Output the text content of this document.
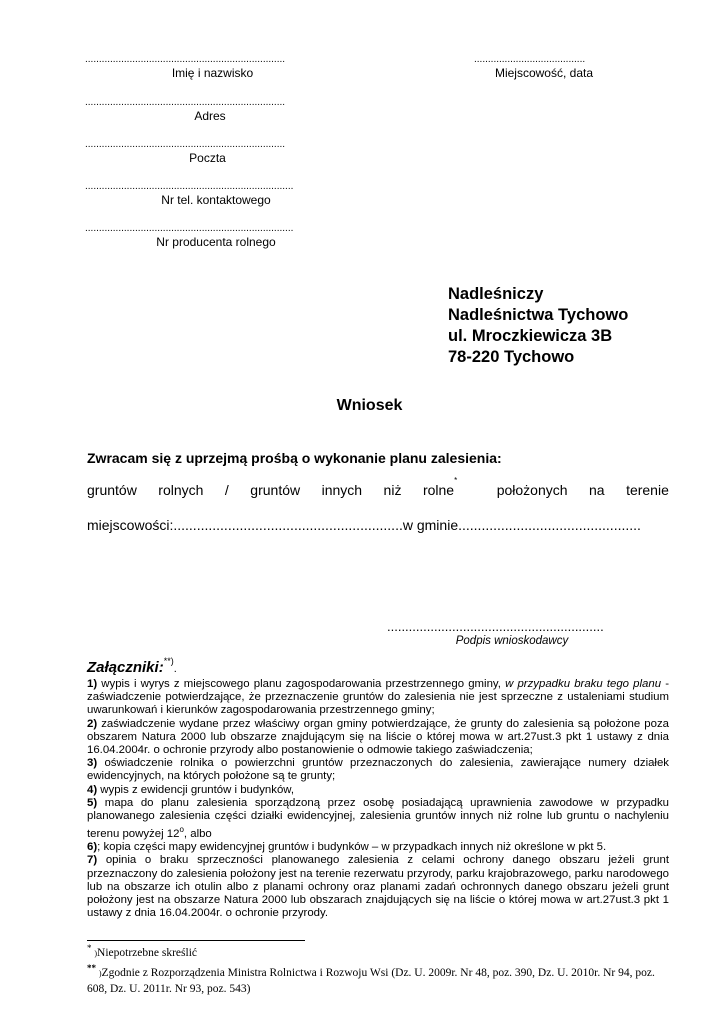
........................................................................
Imię i nazwisko
........................................................................
Adres
........................................................................
Poczta
...........................................................................
Nr tel. kontaktowego
...........................................................................
Nr producenta rolnego
........................................
Miejscowość, data
Nadleśniczy
Nadleśnictwa Tychowo
ul. Mroczkiewicza 3B
78-220 Tychowo
Wniosek
Zwracam się z uprzejmą prośbą o wykonanie planu zalesienia:
gruntów rolnych / gruntów innych niż rolne*
położonych na terenie
miejscowości:...........................................................w gminie...............................................
............................................................
Podpis wnioskodawcy
Załączniki:**).
1) wypis i wyrys z miejscowego planu zagospodarowania przestrzennego gminy, w przypadku braku tego planu - zaświadczenie potwierdzające, że przeznaczenie gruntów do zalesienia nie jest sprzeczne z ustaleniami studium uwarunkowań i kierunków zagospodarowania przestrzennego gminy;
2) zaświadczenie wydane przez właściwy organ gminy potwierdzające, że grunty do zalesienia są położone poza obszarem Natura 2000 lub obszarze znajdującym się na liście o której mowa w art.27ust.3 pkt 1 ustawy z dnia 16.04.2004r. o ochronie przyrody albo postanowienie o odmowie takiego zaświadczenia;
3) oświadczenie rolnika o powierzchni gruntów przeznaczonych do zalesienia, zawierające numery działek ewidencyjnych, na których położone są te grunty;
4) wypis z ewidencji gruntów i budynków,
5) mapa do planu zalesienia sporządzoną przez osobę posiadającą uprawnienia zawodowe w przypadku planowanego zalesienia części działki ewidencyjnej, zalesienia gruntów innych niż rolne lub gruntu o nachyleniu terenu powyżej 12$^o$, albo
6); kopia części mapy ewidencyjnej gruntów i budynków – w przypadkach innych niż określone w pkt 5.
7) opinia o braku sprzeczności planowanego zalesienia z celami ochrony danego obszaru jeżeli grunt przeznaczony do zalesienia położony jest na terenie rezerwatu przyrody, parku krajobrazowego, parku narodowego lub na obszarze ich otulin albo z planami ochrony oraz planami zadań ochronnych danego obszaru jeżeli grunt położony jest na obszarze Natura 2000 lub obszarach znajdujących się na liście o której mowa w art.27ust.3 pkt 1 ustawy z dnia 16.04.2004r. o ochronie przyrody.
* )Niepotrzebne skreślić
** )Zgodnie z Rozporządzenia Ministra Rolnictwa i Rozwoju Wsi (Dz. U. 2009r. Nr 48, poz. 390, Dz. U. 2010r. Nr 94, poz. 608, Dz. U. 2011r. Nr 93, poz. 543)
